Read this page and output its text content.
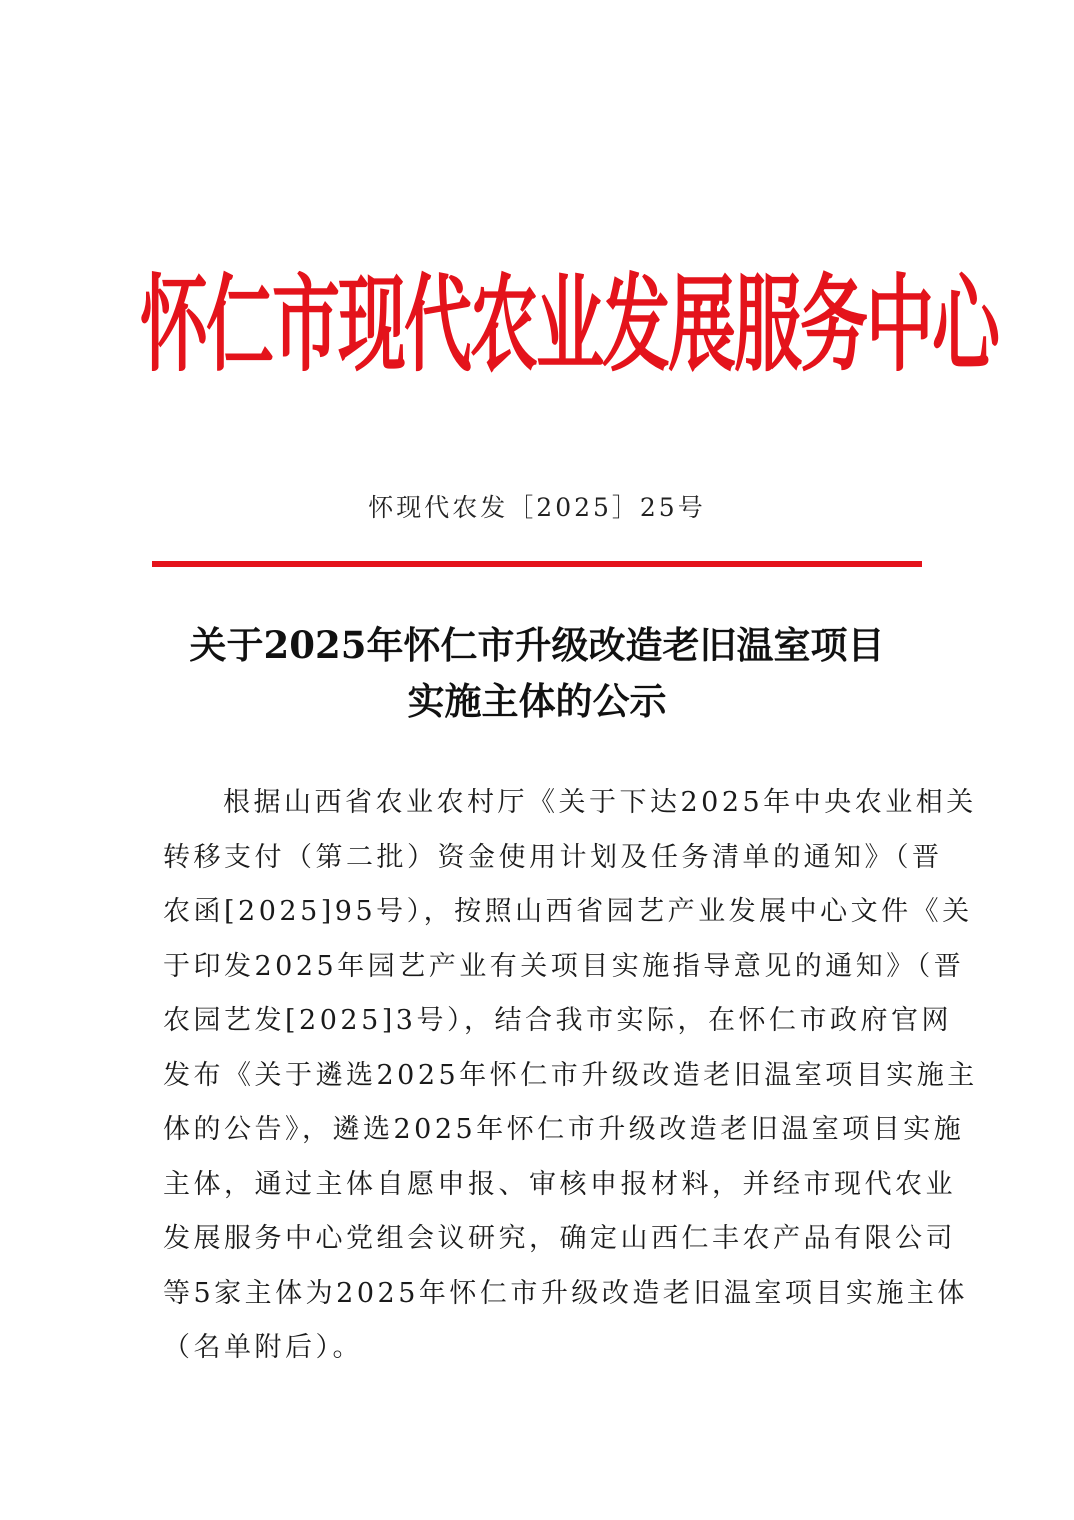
怀仁市现代农业发展服务中心
怀现代农发［2025］25号
关于2025年怀仁市升级改造老旧温室项目
实施主体的公示
根据山西省农业农村厅《关于下达2025年中央农业相关
转移支付（第二批）资金使用计划及任务清单的通知》（晋
农函[2025]95号），按照山西省园艺产业发展中心文件《关
于印发2025年园艺产业有关项目实施指导意见的通知》（晋
农园艺发[2025]3号），结合我市实际，在怀仁市政府官网
发布《关于遴选2025年怀仁市升级改造老旧温室项目实施主
体的公告》，遴选2025年怀仁市升级改造老旧温室项目实施
主体，通过主体自愿申报、审核申报材料，并经市现代农业
发展服务中心党组会议研究，确定山西仁丰农产品有限公司
等5家主体为2025年怀仁市升级改造老旧温室项目实施主体
（名单附后）。
